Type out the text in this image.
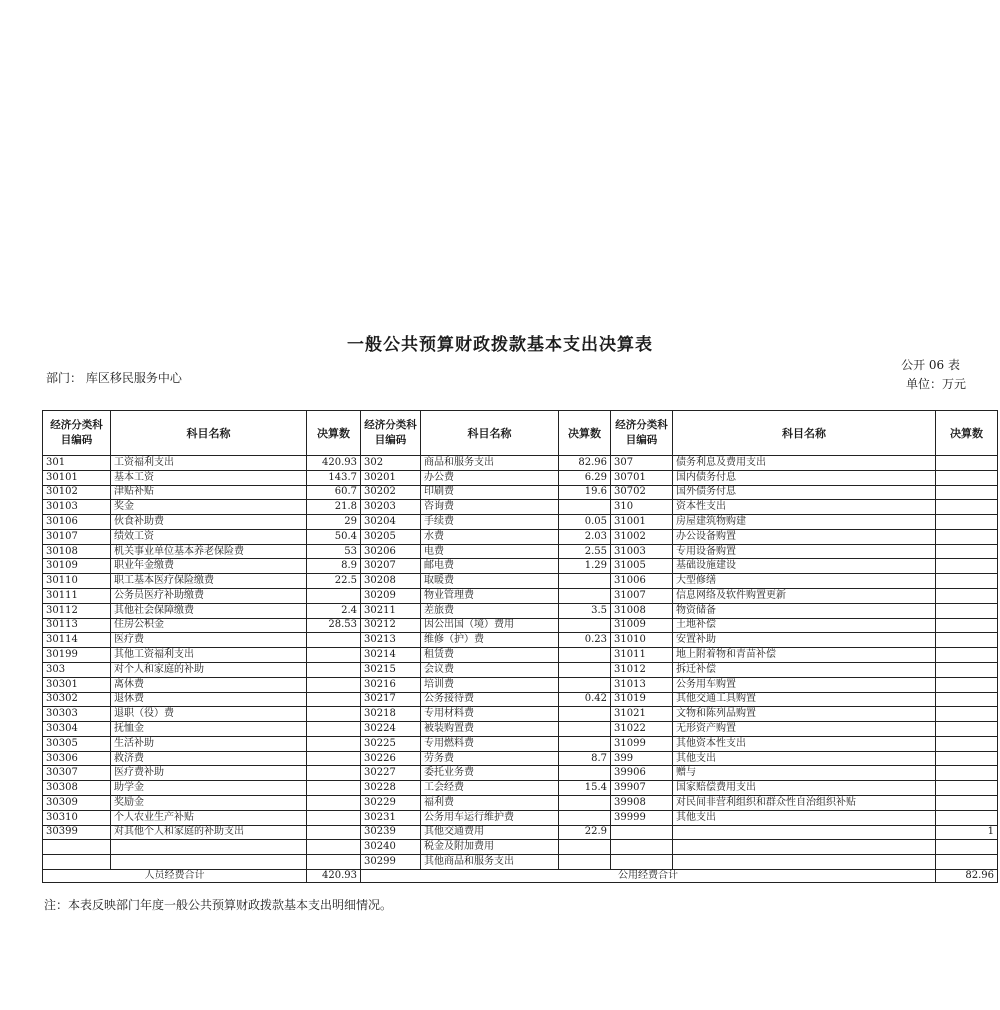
一般公共预算财政拨款基本支出决算表
部门： 库区移民服务中心
公开 06 表
单位：万元
经济分类科目编码	科目名称	决算数	经济分类科目编码	科目名称	决算数	经济分类科目编码	科目名称	决算数
301	工资福利支出	420.93	302	商品和服务支出	82.96	307	债务利息及费用支出	
30101	基本工资	143.7	30201	办公费	6.29	30701	国内债务付息	
30102	津贴补贴	60.7	30202	印刷费	19.6	30702	国外债务付息	
30103	奖金	21.8	30203	咨询费		310	资本性支出	
30106	伙食补助费	29	30204	手续费	0.05	31001	房屋建筑物购建	
30107	绩效工资	50.4	30205	水费	2.03	31002	办公设备购置	
30108	机关事业单位基本养老保险费	53	30206	电费	2.55	31003	专用设备购置	
30109	职业年金缴费	8.9	30207	邮电费	1.29	31005	基础设施建设	
30110	职工基本医疗保险缴费	22.5	30208	取暖费		31006	大型修缮	
30111	公务员医疗补助缴费		30209	物业管理费		31007	信息网络及软件购置更新	
30112	其他社会保障缴费	2.4	30211	差旅费	3.5	31008	物资储备	
30113	住房公积金	28.53	30212	因公出国（境）费用		31009	土地补偿	
30114	医疗费		30213	维修（护）费	0.23	31010	安置补助	
30199	其他工资福利支出		30214	租赁费		31011	地上附着物和青苗补偿	
303	对个人和家庭的补助		30215	会议费		31012	拆迁补偿	
30301	离休费		30216	培训费		31013	公务用车购置	
30302	退休费		30217	公务接待费	0.42	31019	其他交通工具购置	
30303	退职（役）费		30218	专用材料费		31021	文物和陈列品购置	
30304	抚恤金		30224	被装购置费		31022	无形资产购置	
30305	生活补助		30225	专用燃料费		31099	其他资本性支出	
30306	救济费		30226	劳务费	8.7	399	其他支出	
30307	医疗费补助		30227	委托业务费		39906	赠与	
30308	助学金		30228	工会经费	15.4	39907	国家赔偿费用支出	
30309	奖励金		30229	福利费		39908	对民间非营利组织和群众性自治组织补贴	
30310	个人农业生产补贴		30231	公务用车运行维护费		39999	其他支出	
30399	对其他个人和家庭的补助支出		30239	其他交通费用	22.9			1
			30240	税金及附加费用				
			30299	其他商品和服务支出				
人员经费合计		420.93	公用经费合计					82.96
注：本表反映部门年度一般公共预算财政拨款基本支出明细情况。
